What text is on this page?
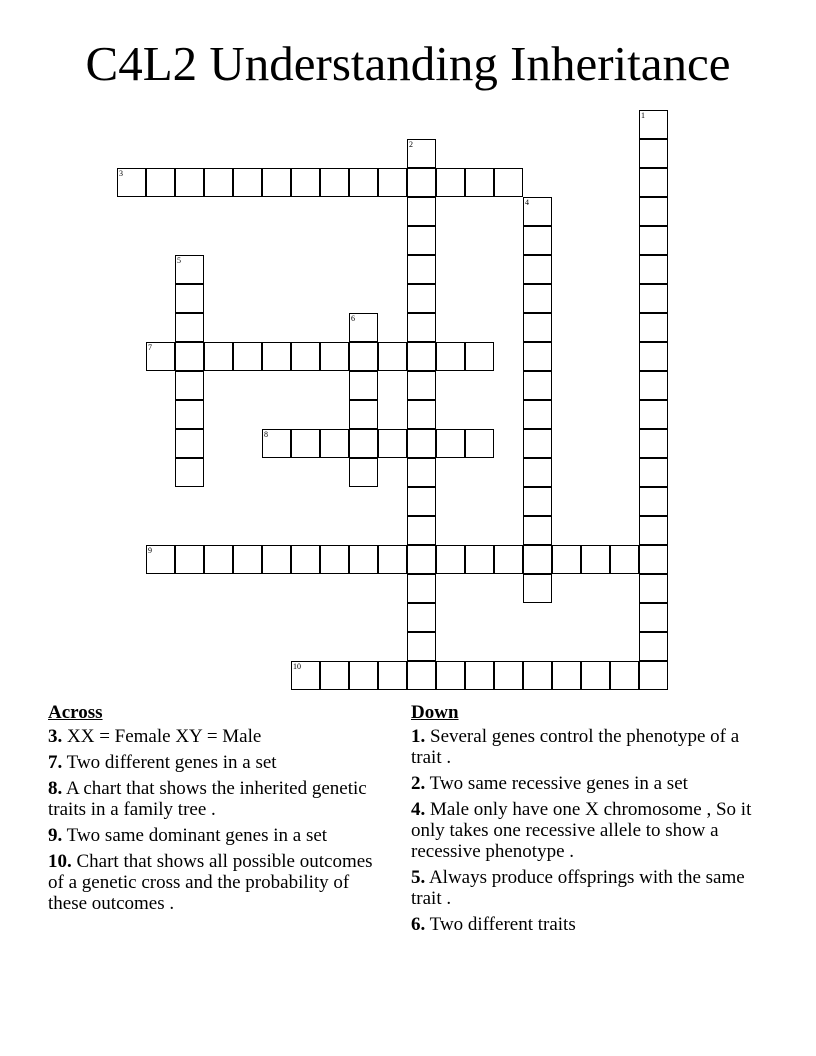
C4L2 Understanding Inheritance
1
2
3
4
5
6
7
8
9
10
Across
3. XX = Female XY = Male
7. Two different genes in a set
8. A chart that shows the inherited genetic traits in a family tree .
9. Two same dominant genes in a set
10. Chart that shows all possible outcomes of a genetic cross and the probability of these outcomes .
Down
1. Several genes control the phenotype of a trait .
2. Two same recessive genes in a set
4. Male only have one X chromosome , So it only takes one recessive allele to show a recessive phenotype .
5. Always produce offsprings with the same trait .
6. Two different traits
